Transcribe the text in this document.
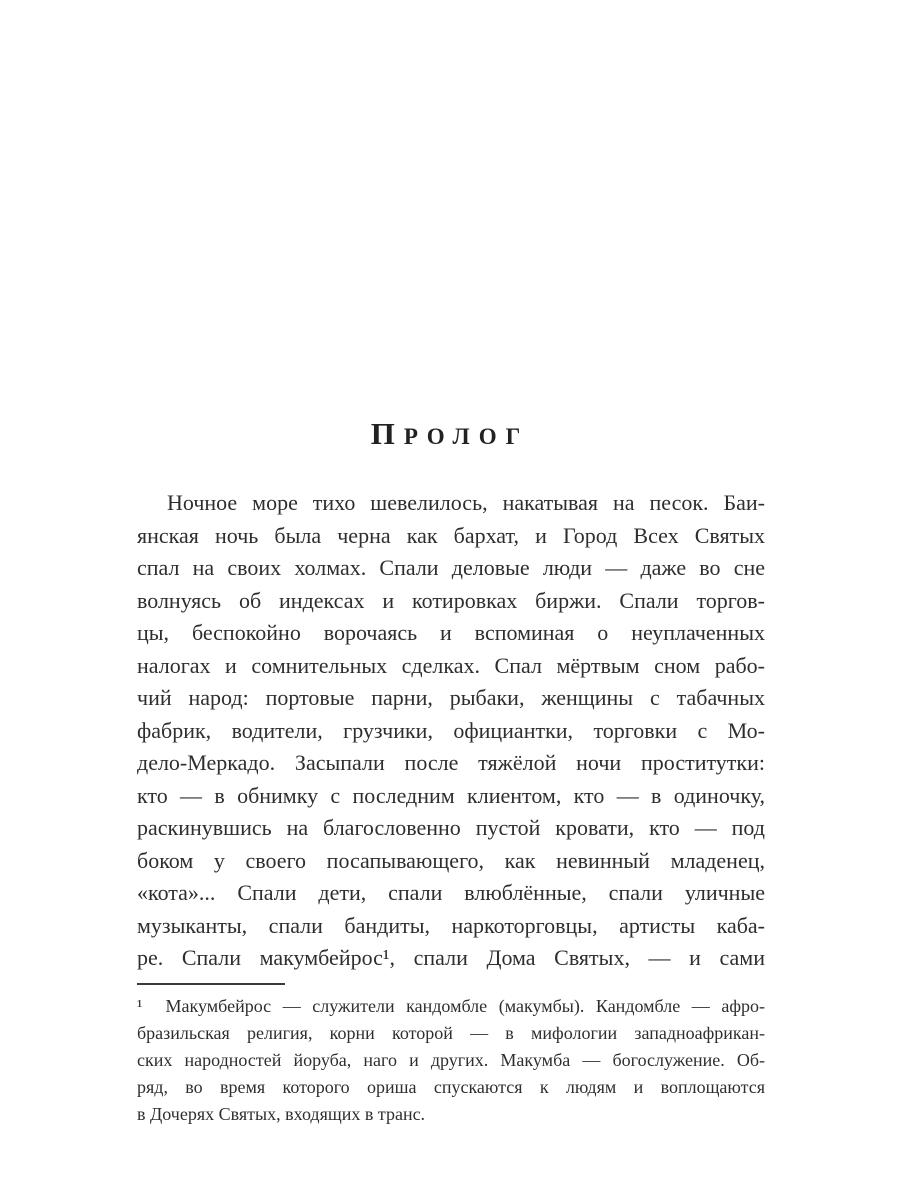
ПРОЛОГ

Ночное море тихо шевелилось, накатывая на песок. Баи-

янская ночь была черна как бархат, и Город Всех Святых

спал на своих холмах. Спали деловые люди — даже во сне

волнуясь об индексах и котировках биржи. Спали торгов-

цы, беспокойно ворочаясь и вспоминая о неуплаченных

налогах и сомнительных сделках. Спал мёртвым сном рабо-

чий народ: портовые парни, рыбаки, женщины с табачных

фабрик, водители, грузчики, официантки, торговки с Мо-

дело-Меркадо. Засыпали после тяжёлой ночи проститутки:

кто — в обнимку с последним клиентом, кто — в одиночку,

раскинувшись на благословенно пустой кровати, кто — под

боком у своего посапывающего, как невинный младенец,

«кота»... Спали дети, спали влюблённые, спали уличные

музыканты, спали бандиты, наркоторговцы, артисты каба-

ре. Спали макумбейрос¹, спали Дома Святых, — и сами

¹  Макумбейрос — служители кандомбле (макумбы). Кандомбле — афро-

бразильская религия, корни которой — в мифологии западноафрикан-

ских народностей йоруба, наго и других. Макумба — богослужение. Об-

ряд, во время которого ориша спускаются к людям и воплощаются

в Дочерях Святых, входящих в транс.
